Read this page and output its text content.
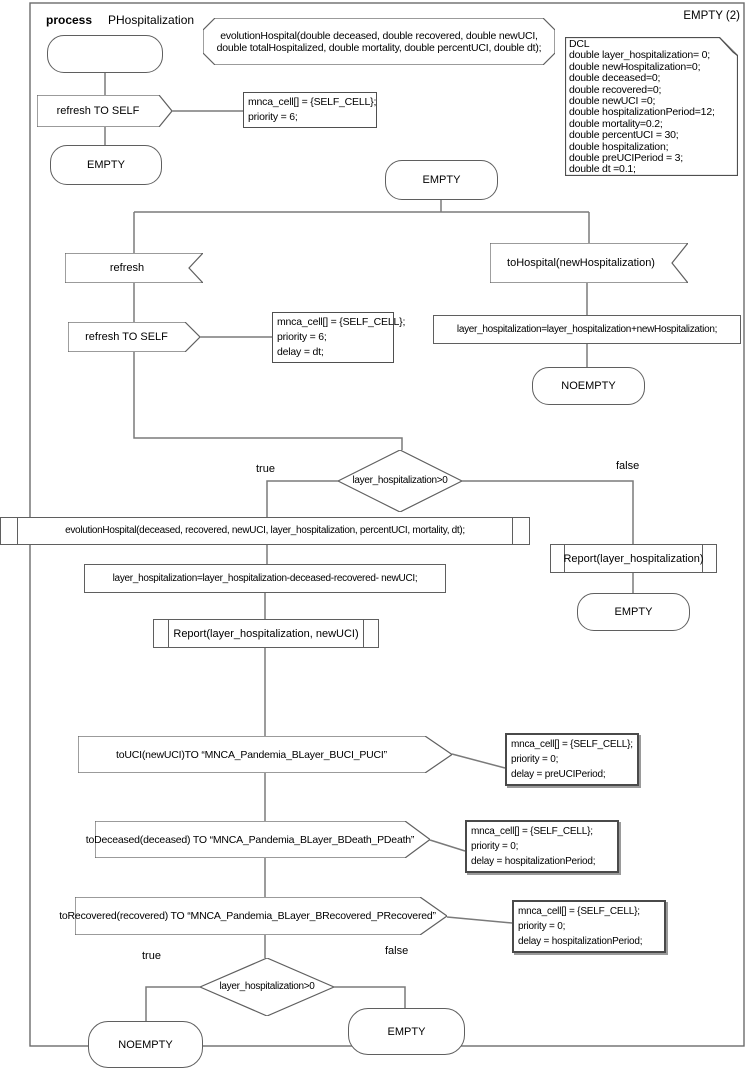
process PHospitalization	EMPTY (2)
refresh TO SELF
mnca_cell[] = {SELF_CELL};
priority = 6;
EMPTY
evolutionHospital(double deceased, double recovered, double newUCI,
double totalHospitalized, double mortality, double percentUCI, double dt);	DCL
double layer_hospitalization= 0;
double newHospitalization=0;
double deceased=0;
double recovered=0;
double newUCI =0;
double hospitalizationPeriod=12;
double mortality=0.2;
double percentUCI = 30;
double hospitalization;
double preUCIPeriod = 3;
double dt =0.1;
EMPTY
refresh
refresh TO SELF
mnca_cell[] = {SELF_CELL};
priority = 6;
delay = dt;
toHospital(newHospitalization)
layer_hospitalization=layer_hospitalization+newHospitalization;
NOEMPTY
layer_hospitalization>0
true	false
evolutionHospital(deceased, recovered, newUCI, layer_hospitalization, percentUCI, mortality, dt);
layer_hospitalization=layer_hospitalization-deceased-recovered- newUCI;
Report(layer_hospitalization, newUCI)
Report(layer_hospitalization)
EMPTY
toUCI(newUCI)TO “MNCA_Pandemia_BLayer_BUCI_PUCI”
mnca_cell[] = {SELF_CELL};
priority = 0;
delay = preUCIPeriod;
toDeceased(deceased) TO “MNCA_Pandemia_BLayer_BDeath_PDeath”
mnca_cell[] = {SELF_CELL};
priority = 0;
delay = hospitalizationPeriod;
toRecovered(recovered) TO “MNCA_Pandemia_BLayer_BRecovered_PRecovered”	mnca_cell[] = {SELF_CELL};
priority = 0;
delay = hospitalizationPeriod;
layer_hospitalization>0
true	false
NOEMPTY
EMPTY
